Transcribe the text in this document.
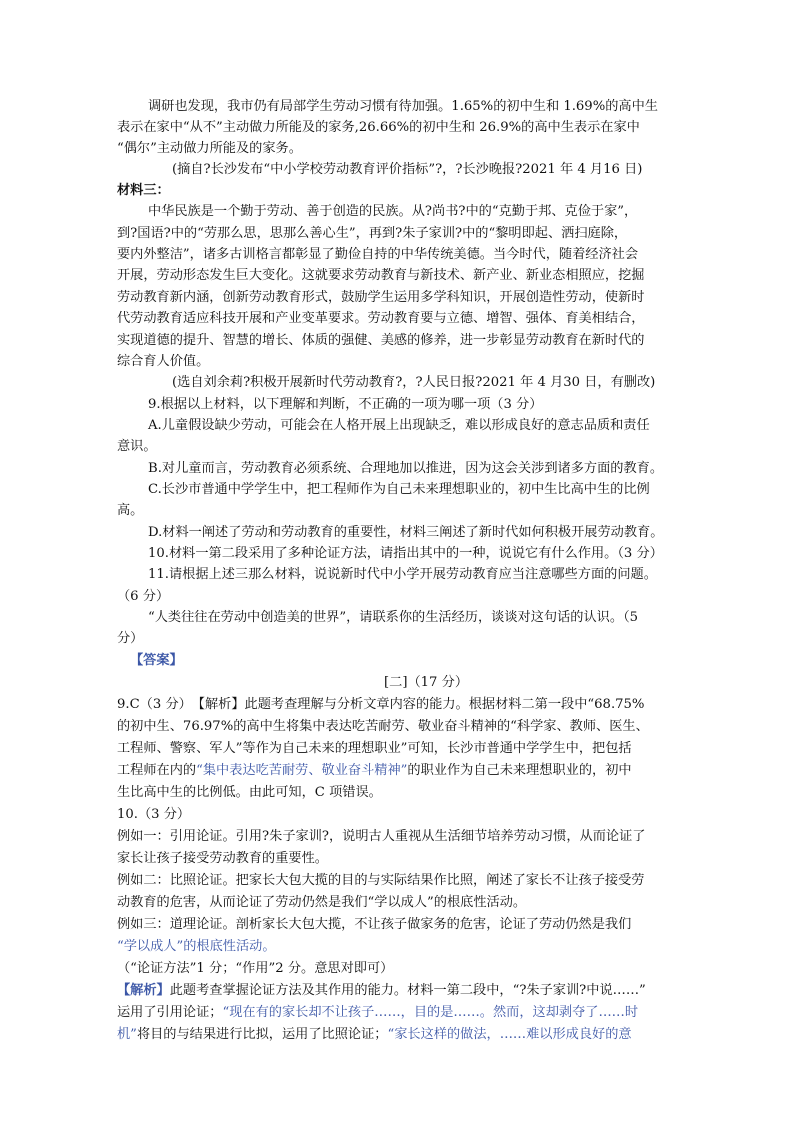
调研也发现，我市仍有局部学生劳动习惯有待加强。1.65%的初中生和 1.69%的高中生
表示在家中“从不”主动做力所能及的家务,26.66%的初中生和 26.9%的高中生表示在家中
“偶尔”主动做力所能及的家务。
(摘自?长沙发布“中小学校劳动教育评价指标”?，?长沙晚报?2021 年 4 月16 日)
材料三：
中华民族是一个勤于劳动、善于创造的民族。从?尚书?中的“克勤于邦、克俭于家”，
到?国语?中的“劳那么思，思那么善心生”，再到?朱子家训?中的“黎明即起、洒扫庭除，
要内外整洁”，诸多古训格言都彰显了勤俭自持的中华传统美德。当今时代，随着经济社会
开展，劳动形态发生巨大变化。这就要求劳动教育与新技术、新产业、新业态相照应，挖掘
劳动教育新内涵，创新劳动教育形式，鼓励学生运用多学科知识，开展创造性劳动，使新时
代劳动教育适应科技开展和产业变革要求。劳动教育要与立德、增智、强体、育美相结合，
实现道德的提升、智慧的增长、体质的强健、美感的修养，进一步彰显劳动教育在新时代的
综合育人价值。
(选自刘余莉?积极开展新时代劳动教育?，?人民日报?2021 年 4 月30 日，有删改)
9.根据以上材料，以下理解和判断，不正确的一项为哪一项（3 分）
A.儿童假设缺少劳动，可能会在人格开展上出现缺乏，难以形成良好的意志品质和责任
意识。
B.对儿童而言，劳动教育必须系统、合理地加以推进，因为这会关涉到诸多方面的教育。
C.长沙市普通中学学生中，把工程师作为自己未来理想职业的，初中生比高中生的比例
高。
D.材料一阐述了劳动和劳动教育的重要性，材料三阐述了新时代如何积极开展劳动教育。
10.材料一第二段采用了多种论证方法，请指出其中的一种，说说它有什么作用。（3 分）
11.请根据上述三那么材料，说说新时代中小学开展劳动教育应当注意哪些方面的问题。
（6 分）
“人类往往在劳动中创造美的世界”，请联系你的生活经历，谈谈对这句话的认识。（5
分）
【答案】
[二]（17 分）
9.C（3 分）　【解析】此题考查理解与分析文章内容的能力。根据材料二第一段中“68.75%
的初中生、76.97%的高中生将集中表达吃苦耐劳、敬业奋斗精神的“科学家、教师、医生、
工程师、警察、军人”等作为自己未来的理想职业”可知，长沙市普通中学学生中，把包括
工程师在内的“集中表达吃苦耐劳、敬业奋斗精神”的职业作为自己未来理想职业的，初中
生比高中生的比例低。由此可知，C 项错误。
10.（3 分）
例如一：引用论证。引用?朱子家训?，说明古人重视从生活细节培养劳动习惯，从而论证了
家长让孩子接受劳动教育的重要性。
例如二：比照论证。把家长大包大揽的目的与实际结果作比照，阐述了家长不让孩子接受劳
动教育的危害，从而论证了劳动仍然是我们“学以成人”的根底性活动。
例如三：道理论证。剖析家长大包大揽，不让孩子做家务的危害，论证了劳动仍然是我们
“学以成人”的根底性活动。
（“论证方法”1 分；“作用”2 分。意思对即可）
【解析】此题考查掌握论证方法及其作用的能力。材料一第二段中，“?朱子家训?中说……”
运用了引用论证；“现在有的家长却不让孩子……，目的是……。然而，这却剥夺了……时
机”将目的与结果进行比拟，运用了比照论证；“家长这样的做法，……难以形成良好的意
